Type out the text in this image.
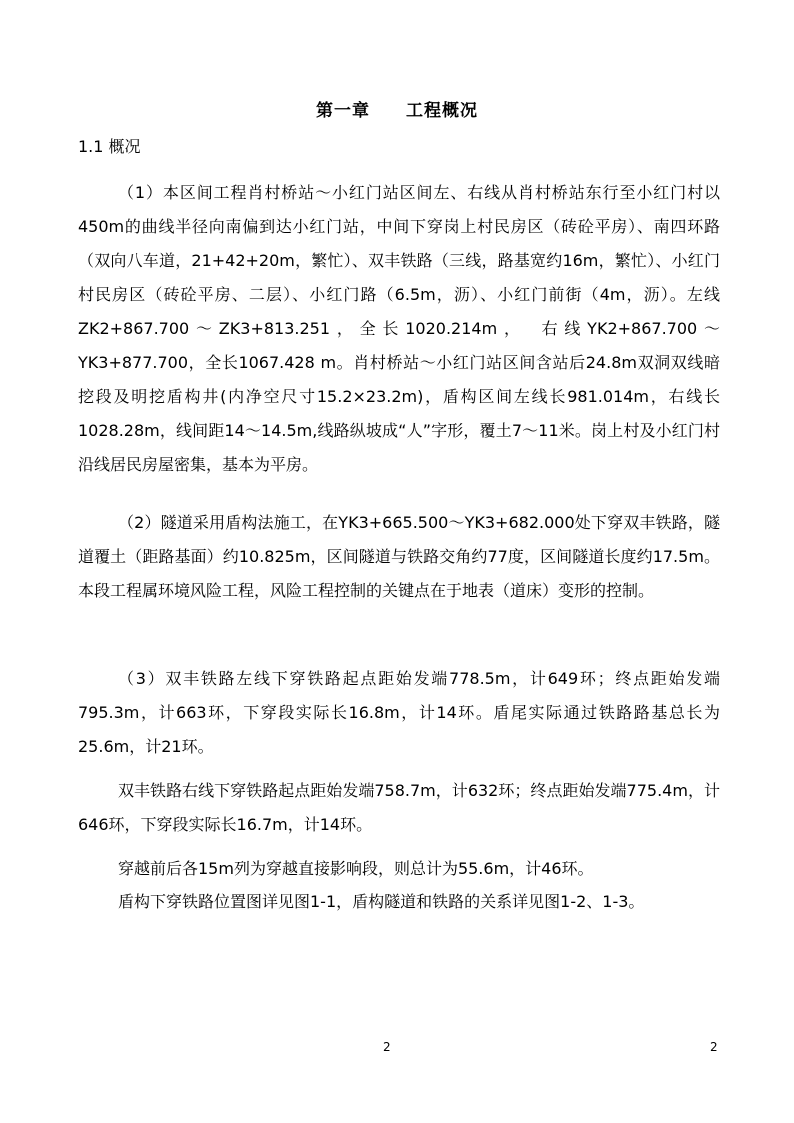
第一章　　工程概况
1.1 概况

（1）本区间工程肖村桥站～小红门站区间左、右线从肖村桥站东行至小红门村以450m的曲线半径向南偏到达小红门站，中间下穿岗上村民房区（砖砼平房）、南四环路（双向八车道，21+42+20m，繁忙）、双丰铁路（三线，路基宽约16m，繁忙）、小红门村民房区（砖砼平房、二层）、小红门路（6.5m，沥）、小红门前街（4m，沥）。左线ZK2+867.700～ZK3+813.251，全长1020.214m，　右线YK2+867.700～YK3+877.700，全长1067.428 m。肖村桥站～小红门站区间含站后24.8m双洞双线暗挖段及明挖盾构井(内净空尺寸15.2×23.2m)，盾构区间左线长981.014m，右线长1028.28m，线间距14～14.5m,线路纵坡成“人”字形，覆土7～11米。岗上村及小红门村沿线居民房屋密集，基本为平房。

（2）隧道采用盾构法施工，在YK3+665.500～YK3+682.000处下穿双丰铁路，隧道覆土（距路基面）约10.825m，区间隧道与铁路交角约77度，区间隧道长度约17.5m。本段工程属环境风险工程，风险工程控制的关键点在于地表（道床）变形的控制。

（3）双丰铁路左线下穿铁路起点距始发端778.5m，计649环；终点距始发端795.3m，计663环，下穿段实际长16.8m，计14环。盾尾实际通过铁路路基总长为25.6m，计21环。

双丰铁路右线下穿铁路起点距始发端758.7m，计632环；终点距始发端775.4m，计646环，下穿段实际长16.7m，计14环。

穿越前后各15m列为穿越直接影响段，则总计为55.6m，计46环。

盾构下穿铁路位置图详见图1-1，盾构隧道和铁路的关系详见图1-2、1-3。

2	2
